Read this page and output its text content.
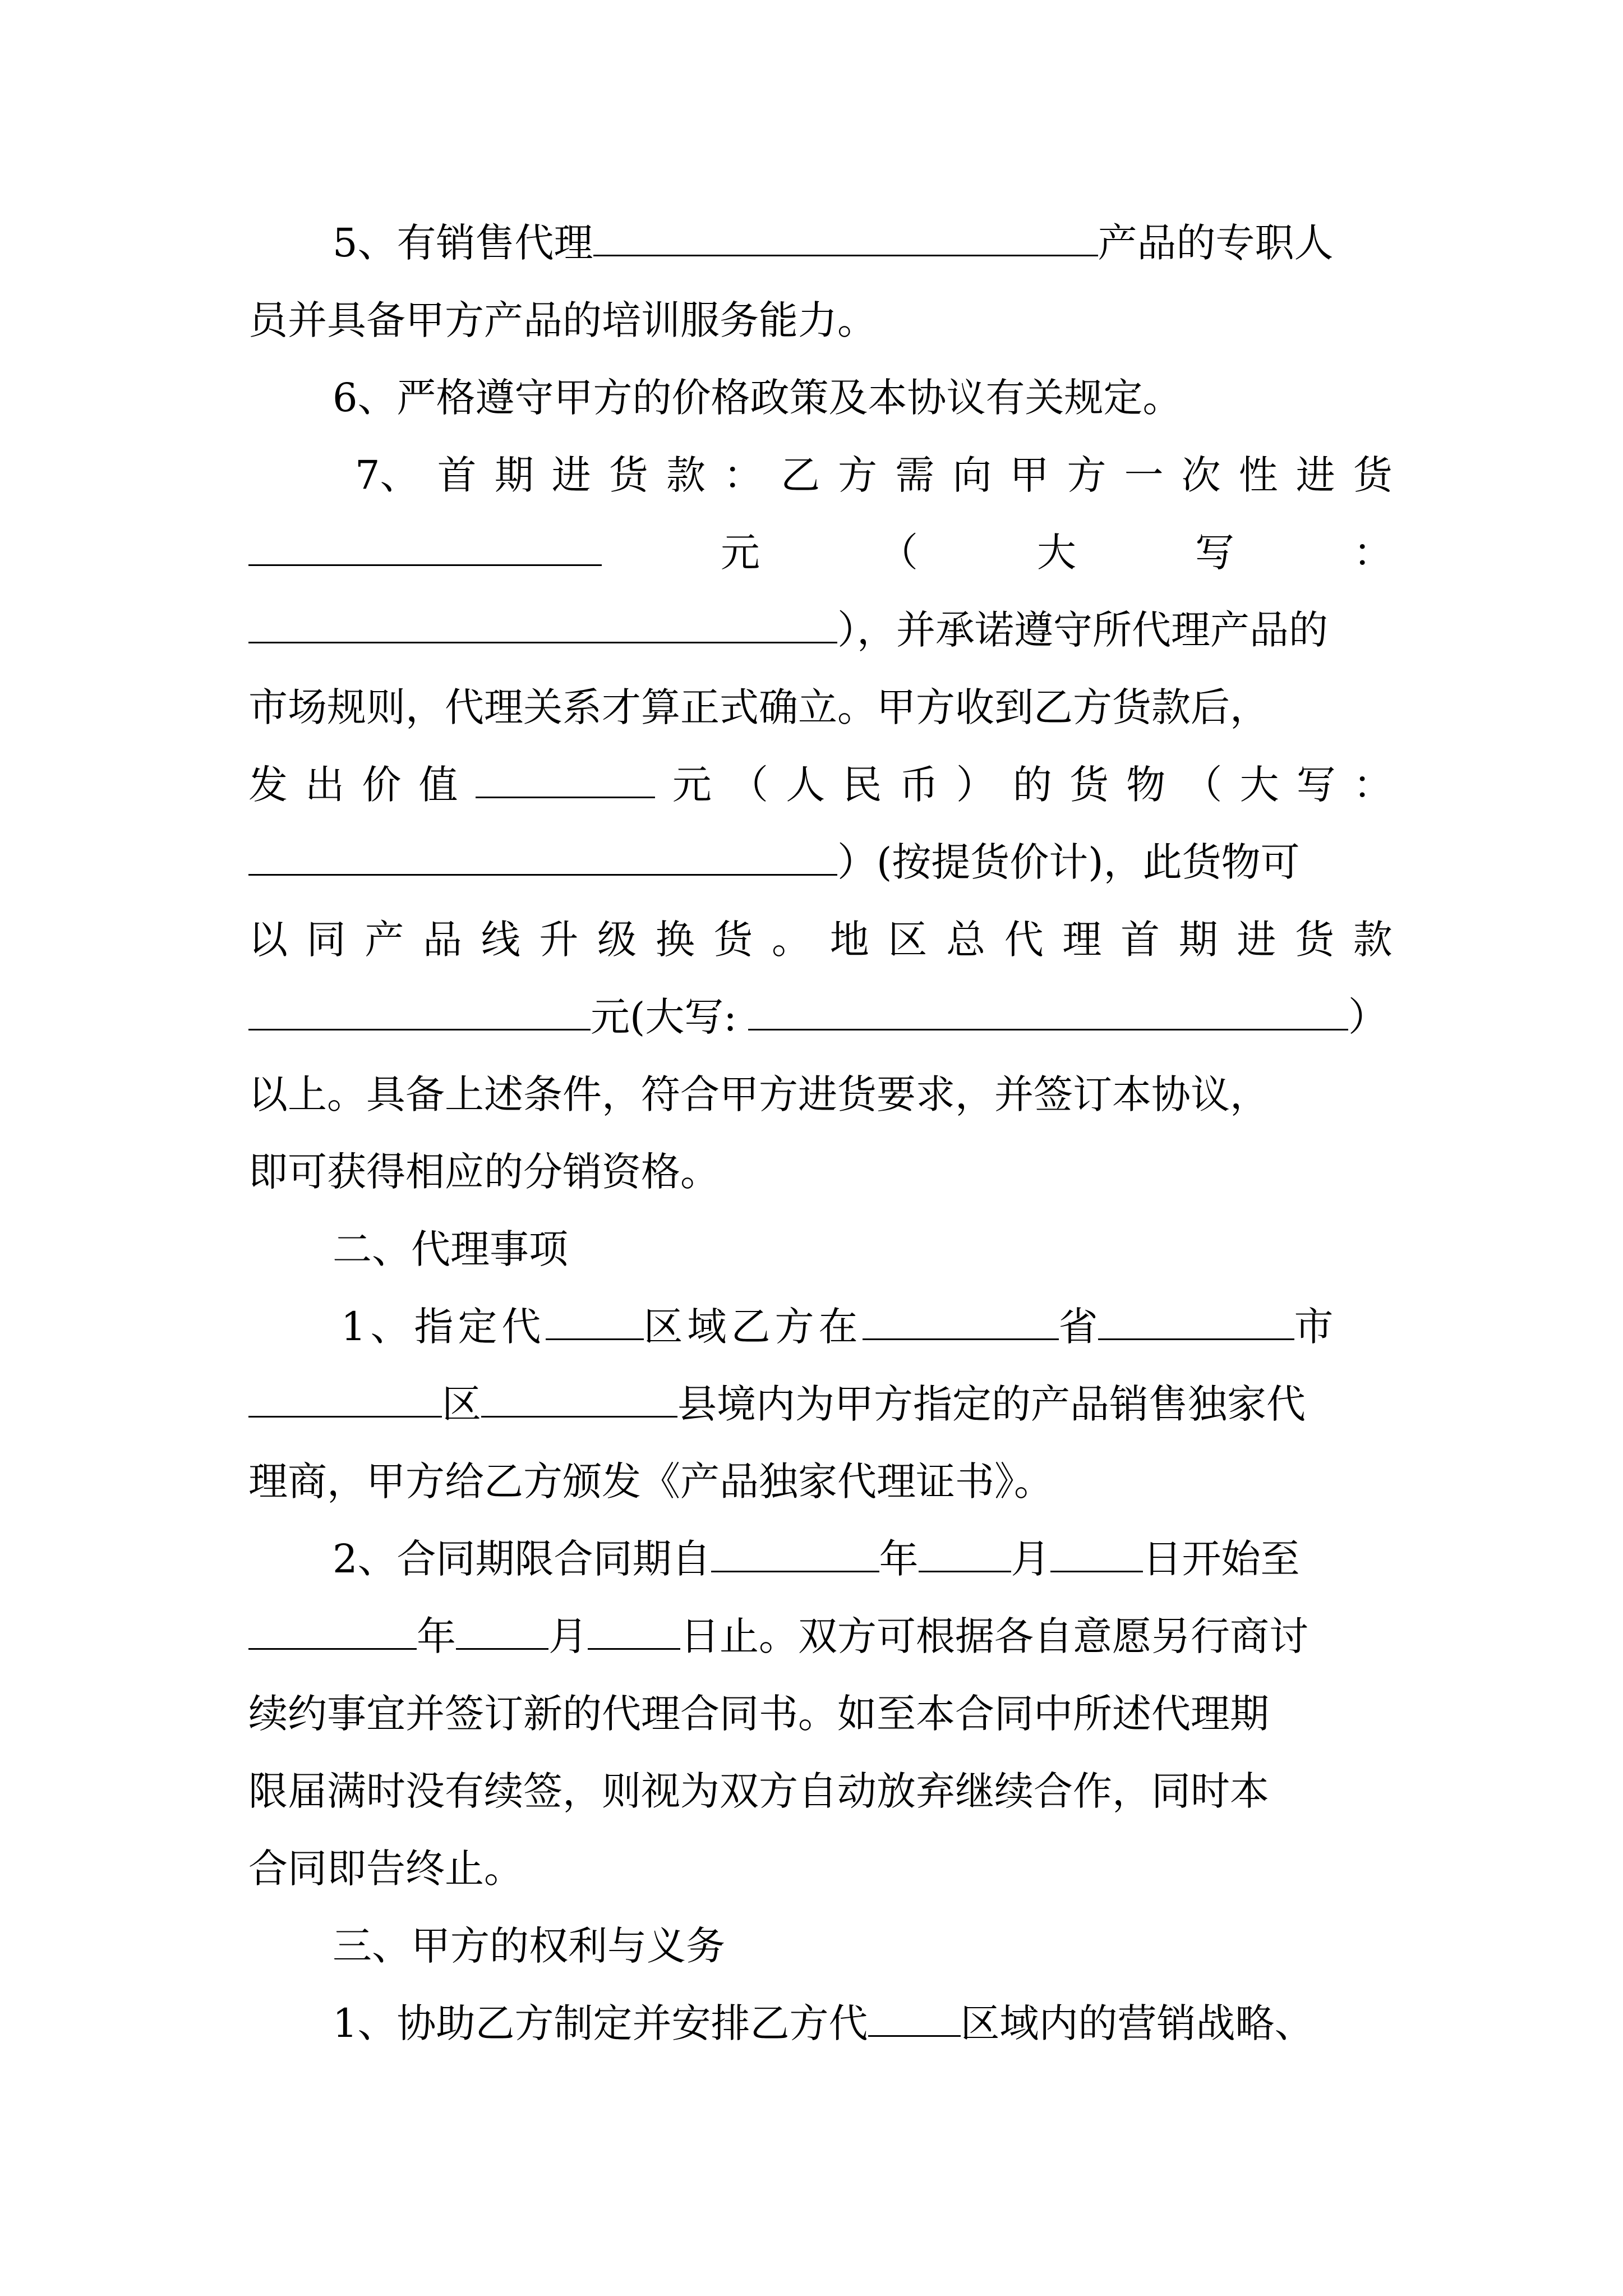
5、有销售代理	产品的专职人
员并具备甲方产品的培训服务能力。
6、严格遵守甲方的价格政策及本协议有关规定。
7、 首 期 进 货 款 ： 乙 方 需 向 甲 方 一 次 性 进 货
元	（	大	写	：
），并承诺遵守所代理产品的
市场规则，代理关系才算正式确立。甲方收到乙方货款后，
发 出 价 值	元 （ 人 民 币 ） 的 货 物 （ 大 写 ：
）(按提货价计)，此货物可
以 同 产 品 线 升 级 换 货 。 地 区 总 代 理 首 期 进 货 款
元(大写:	）
以上。具备上述条件，符合甲方进货要求，并签订本协议，
即可获得相应的分销资格。
二、代理事项
1、指定代	区域乙方在	省	市
区	县境内为甲方指定的产品销售独家代
理商，甲方给乙方颁发《产品独家代理证书》。
2、合同期限合同期自	年 月 日开始至
年 月 日止。双方可根据各自意愿另行商讨
续约事宜并签订新的代理合同书。如至本合同中所述代理期
限届满时没有续签，则视为双方自动放弃继续合作，同时本
合同即告终止。
三、甲方的权利与义务
1、协助乙方制定并安排乙方代 区域内的营销战略、
